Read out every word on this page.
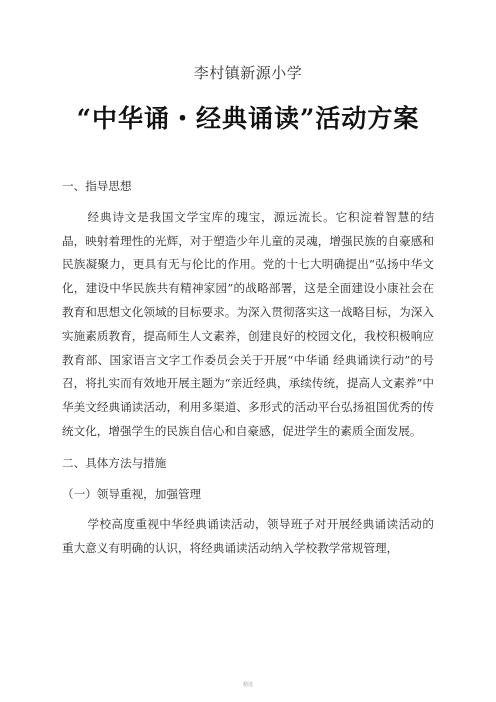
李村镇新源小学
“中华诵・经典诵读”活动方案
一、指导思想
经典诗文是我国文学宝库的瑰宝，源远流长。它积淀着智慧的结晶，映射着理性的光辉，对于塑造少年儿童的灵魂，增强民族的自豪感和民族凝聚力，更具有无与伦比的作用。党的十七大明确提出“弘扬中华文化，建设中华民族共有精神家园”的战略部署，这是全面建设小康社会在教育和思想文化领域的目标要求。为深入贯彻落实这一战略目标，为深入实施素质教育，提高师生人文素养，创建良好的校园文化，我校积极响应教育部、国家语言文字工作委员会关于开展“中华诵 经典诵读行动”的号召，将扎实而有效地开展主题为“亲近经典，承续传统，提高人文素养”中华美文经典诵读活动，利用多渠道、多形式的活动平台弘扬祖国优秀的传统文化，增强学生的民族自信心和自豪感，促进学生的素质全面发展。
二、具体方法与措施
（一）领导重视，加强管理
学校高度重视中华经典诵读活动，领导班子对开展经典诵读活动的重大意义有明确的认识，将经典诵读活动纳入学校教学常规管理，
精选
